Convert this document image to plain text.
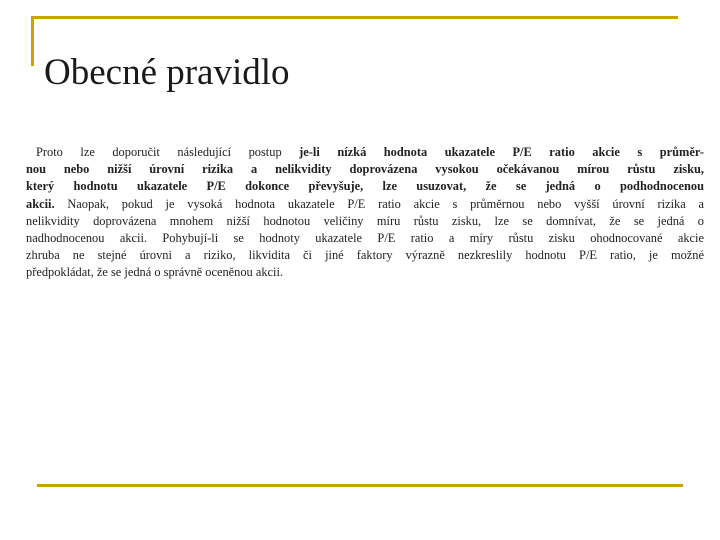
Obecné pravidlo
Proto lze doporučit následující postup je-li nízká hodnota ukazatele P/E ratio akcie s průměr-
nou nebo nižší úrovní rizika a nelikvidity doprovázena vysokou očekávanou mírou růstu zisku,
který hodnotu ukazatele P/E dokonce převyšuje, lze usuzovat, že se jedná o podhodnocenou
akcii. Naopak, pokud je vysoká hodnota ukazatele P/E ratio akcie s průměrnou nebo vyšší úrovní rizika a
nelikvidity doprovázena mnohem nižší hodnotou veličiny míru růstu zisku, lze se domnívat, že se jedná o
nadhodnocenou akcii. Pohybují-li se hodnoty ukazatele P/E ratio a míry růstu zisku ohodnocované akcie
zhruba ne stejné úrovni a riziko, likvidita či jiné faktory výrazně nezkreslily hodnotu P/E ratio, je možné
předpokládat, že se jedná o správně oceněnou akcii.
